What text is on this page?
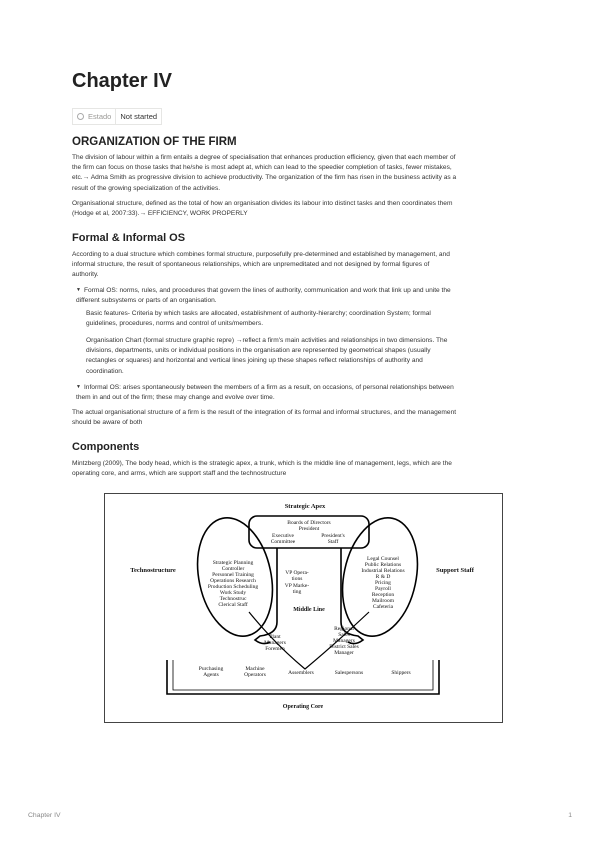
Chapter IV
Estado	Not started
ORGANIZATION OF THE FIRM
The division of labour within a firm entails a degree of specialisation that enhances production efficiency, given that each member of
the firm can focus on those tasks that he/she is most adept at, which can lead to the speedier completion of tasks, fewer mistakes,
etc.→ Adma Smith as progressive division to achieve productivity. The organization of the firm has risen in the business activity as a
result of the growing specialization of the activities.
Organisational structure, defined as the total of how an organisation divides its labour into distinct tasks and then coordinates them
(Hodge et al, 2007:33).→ EFFICIENCY, WORK PROPERLY
Formal & Informal OS
According to a dual structure which combines formal structure, purposefully pre-determined and established by management, and
informal structure, the result of spontaneous relationships, which are unpremeditated and not designed by formal figures of
authority.
▼ Formal OS: norms, rules, and procedures that govern the lines of authority, communication and work that link up and unite the
different subsystems or parts of an organisation.
Basic features- Criteria by which tasks are allocated, establishment of authority-hierarchy; coordination System; formal
guidelines, procedures, norms and control of units/members.
Organisation Chart (formal structure graphic repre) →reflect a firm's main activities and relationships in two dimensions. The
divisions, departments, units or individual positions in the organisation are represented by geometrical shapes (usually
rectangles or squares) and horizontal and vertical lines joining up these shapes reflect relationships of authority and
coordination.
▼ Informal OS: arises spontaneously between the members of a firm as a result, on occasions, of personal relationships between
them in and out of the firm; these may change and evolve over time.
The actual organisational structure of a firm is the result of the integration of its formal and informal structures, and the management
should be aware of both
Components
Mintzberg (2009), The body head, which is the strategic apex, a trunk, which is the middle line of management, legs, which are the
operating core, and arms, which are support staff and the technostructure
Strategic Apex
Boards of Directors
President
Executive
Committee
President's
Staff
Technostructure	Support Staff
Strategic Planning
Controller
Personnel Training
Operations Research
Production Scheduling
Work Study
Technostruc
Clerical Staff
Legal Counsel
Public Relations
Industrial Relations
R & D
Pricing
Payroll
Reception
Mailroom
Cafeteria
VP Opera-
tions
VP Marke-
ting
Middle Line
Plant
Managers
Foremen
Regional
Sales
Managers
District Sales
Manager
Purchasing
Agents
Machine
Operators	Assemblers	Salespersons	Shippers
Operating Core
Chapter IV	1
